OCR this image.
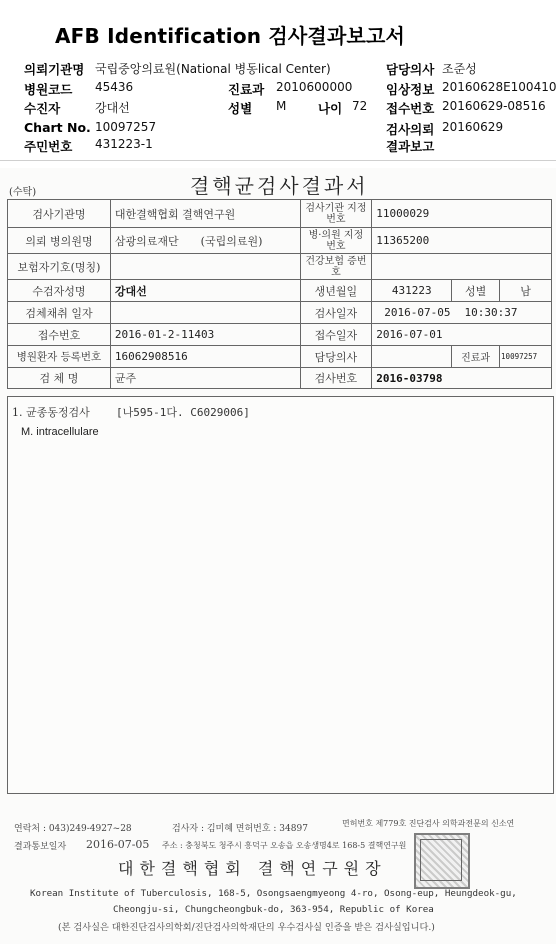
AFB Identification 검사결과보고서
의뢰기관명 국립중앙의료원(National 병동lical Center)
병원코드 45436	진료과 2010600000
수진자	강대선	성별 M	나이 72
Chart No. 10097257
주민번호 431223-1
담당의사 조준성
임상정보 20160628E100410
접수번호 20160629-08516
검사의뢰 20160629
결과보고
(수탁)	결핵균검사결과서
검사기관명	대한결핵협회 결핵연구원	검사기관 지정번호	11000029		
의뢰 병의원명	삼광의료재단 (국립의료원)	병·의원 지정번호	11365200		
보험자기호(명칭)		건강보험 증번호			
수검자성명	강대선	생년월일	431223	성별	남
검체채취 일자		검사일자	2016-07-05 10:30:37		
접수번호	2016-01-2-11403	접수일자	2016-07-01		
병원환자 등록번호	16062908516	담당의사		진료과	10097257
검 체 명	균주	검사번호	2016-03798		
1. 균종동정검사 [나595-1다. C6029006]
M. intracellulare
연락처 : 043)249-4927~28	검사자 : 김미혜 면허번호 : 34897
면허번호 제779호 진단검사 의학과전문의 신소연
결과통보일자 2016-07-05 주소 : 충청북도 청주시 흥덕구 오송읍 오송생명4로 168-5 결핵연구원
대한결핵협회 결핵연구원장
Korean Institute of Tuberculosis, 168-5, Osongsaengmyeong 4-ro, Osong-eup, Heungdeok-gu,
Cheongju-si, Chungcheongbuk-do, 363-954, Republic of Korea
(본 검사실은 대한진단검사의학회/진단검사의학재단의 우수검사실 인증을 받은 검사실입니다.)
